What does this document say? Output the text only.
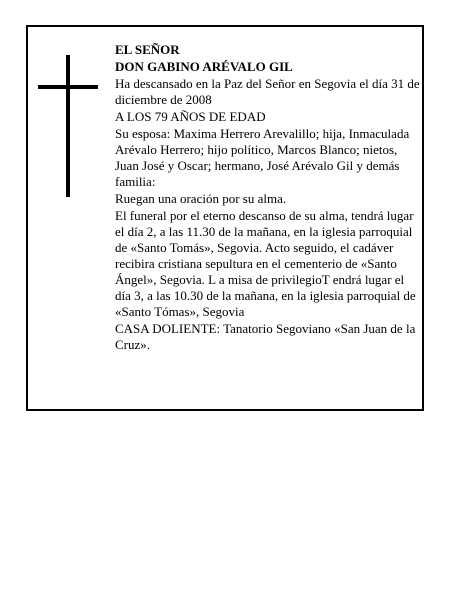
EL SEÑOR

DON GABINO ARÉVALO GIL

Ha descansado en la Paz del Señor en Segovia el día 31 de diciembre de 2008

A LOS 79 AÑOS DE EDAD

Su esposa: Maxima Herrero Arevalillo; hija, Inmaculada Arévalo Herrero; hijo político, Marcos Blanco; nietos, Juan José y Oscar; hermano, José Arévalo Gil y demás familia:

Ruegan una oración por su alma.

El funeral por el eterno descanso de su alma, tendrá lugar el día 2, a las 11.30 de la mañana, en la iglesia parroquial de «Santo Tomás», Segovia. Acto seguido, el cadáver recibira cristiana sepultura en el cementerio de «Santo Ángel», Segovia. L a misa de privilegioT endrá lugar el día 3, a las 10.30 de la mañana, en la iglesia parroquial de «Santo Tómas», Segovia

CASA DOLIENTE: Tanatorio Segoviano «San Juan de la Cruz».
